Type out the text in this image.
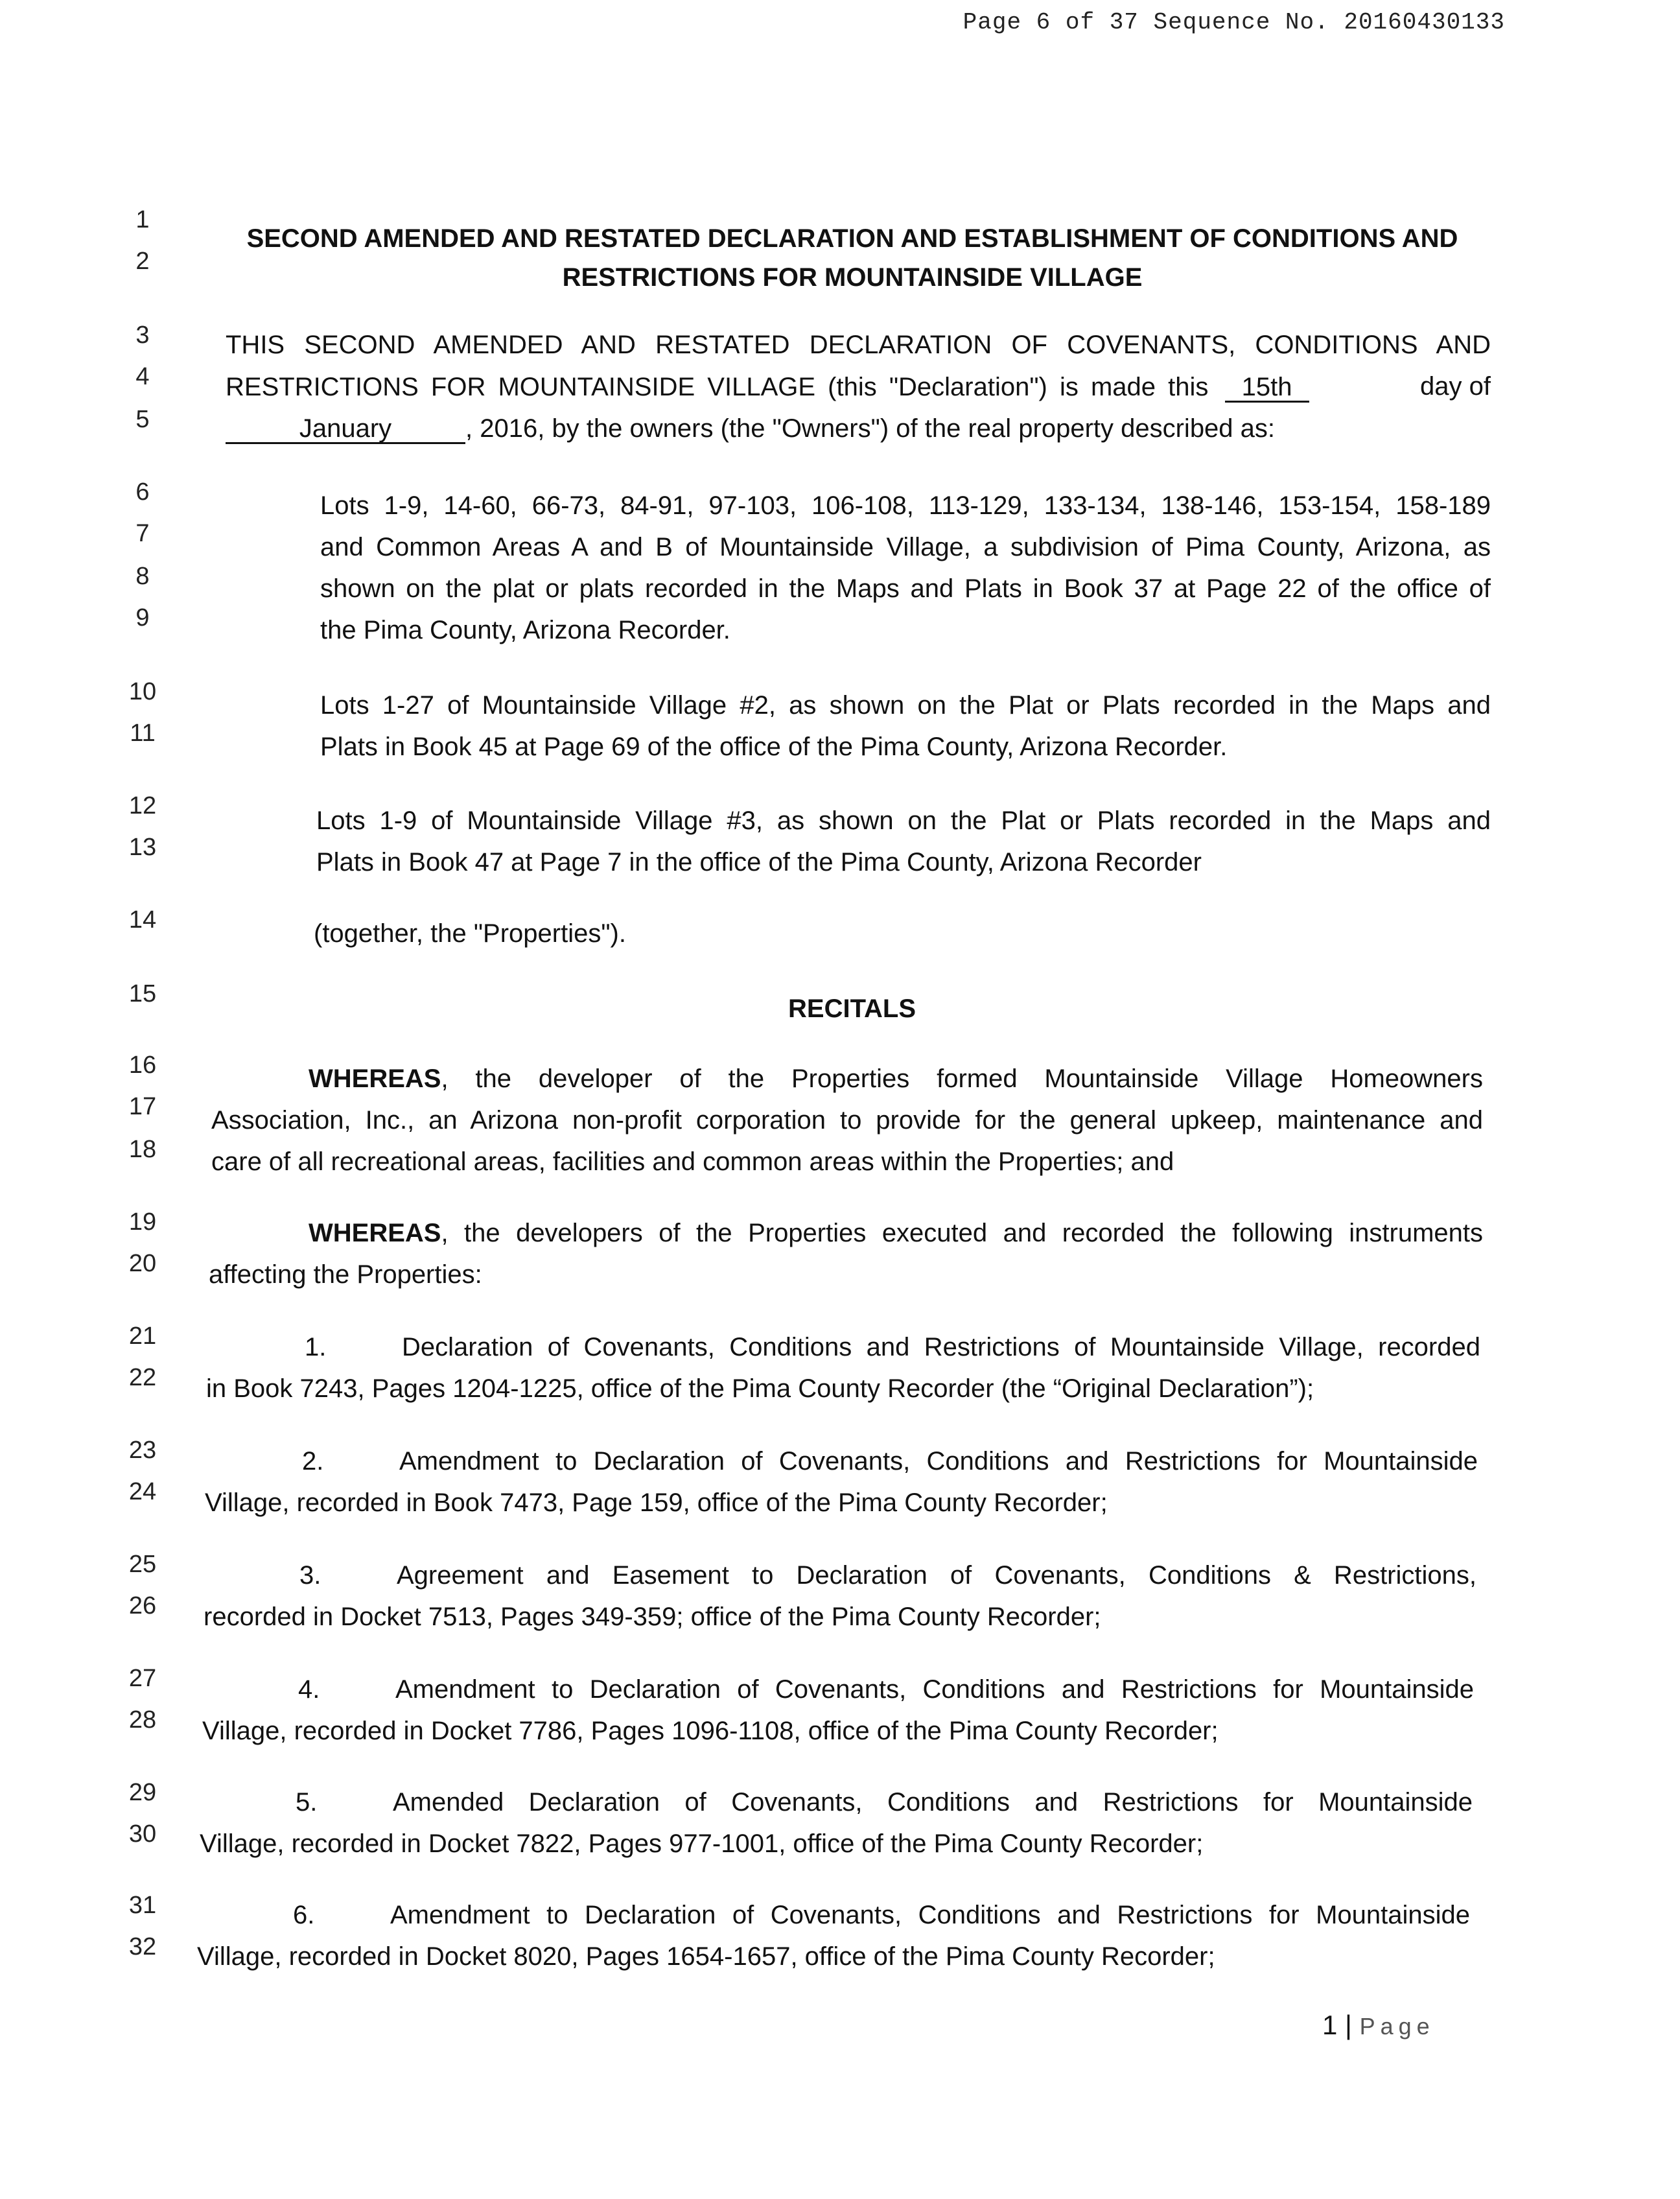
Page 6 of 37 Sequence No. 20160430133
1
2
3
4
5
6
7
8
9
10
11
12
13
14
15
16
17
18
19
20
21
22
23
24
25
26
27
28
29
30
31
32
SECOND AMENDED AND RESTATED DECLARATION AND ESTABLISHMENT OF CONDITIONS AND
RESTRICTIONS FOR MOUNTAINSIDE VILLAGE
THIS SECOND AMENDED AND RESTATED DECLARATION OF COVENANTS, CONDITIONS AND
RESTRICTIONS FOR MOUNTAINSIDE VILLAGE (this "Declaration") is made this 15th	day of
January	, 2016, by the owners (the "Owners") of the real property described as:
Lots 1-9, 14-60, 66-73, 84-91, 97-103, 106-108, 113-129, 133-134, 138-146, 153-154, 158-189
and Common Areas A and B of Mountainside Village, a subdivision of Pima County, Arizona, as
shown on the plat or plats recorded in the Maps and Plats in Book 37 at Page 22 of the office of
the Pima County, Arizona Recorder.
Lots 1-27 of Mountainside Village #2, as shown on the Plat or Plats recorded in the Maps and
Plats in Book 45 at Page 69 of the office of the Pima County, Arizona Recorder.
Lots 1-9 of Mountainside Village #3, as shown on the Plat or Plats recorded in the Maps and
Plats in Book 47 at Page 7 in the office of the Pima County, Arizona Recorder
(together, the "Properties").
RECITALS
WHEREAS, the developer of the Properties formed Mountainside Village Homeowners
Association, Inc., an Arizona non-profit corporation to provide for the general upkeep, maintenance and
care of all recreational areas, facilities and common areas within the Properties; and
WHEREAS, the developers of the Properties executed and recorded the following instruments
affecting the Properties:
1.	Declaration of Covenants, Conditions and Restrictions of Mountainside Village, recorded
in Book 7243, Pages 1204-1225, office of the Pima County Recorder (the “Original Declaration”);
2.	Amendment to Declaration of Covenants, Conditions and Restrictions for Mountainside
Village, recorded in Book 7473, Page 159, office of the Pima County Recorder;
3.	Agreement and Easement to Declaration of Covenants, Conditions & Restrictions,
recorded in Docket 7513, Pages 349-359; office of the Pima County Recorder;
4.	Amendment to Declaration of Covenants, Conditions and Restrictions for Mountainside
Village, recorded in Docket 7786, Pages 1096-1108, office of the Pima County Recorder;
5.	Amended Declaration of Covenants, Conditions and Restrictions for Mountainside
Village, recorded in Docket 7822, Pages 977-1001, office of the Pima County Recorder;
6.	Amendment to Declaration of Covenants, Conditions and Restrictions for Mountainside
Village, recorded in Docket 8020, Pages 1654-1657, office of the Pima County Recorder;
1 | Page
